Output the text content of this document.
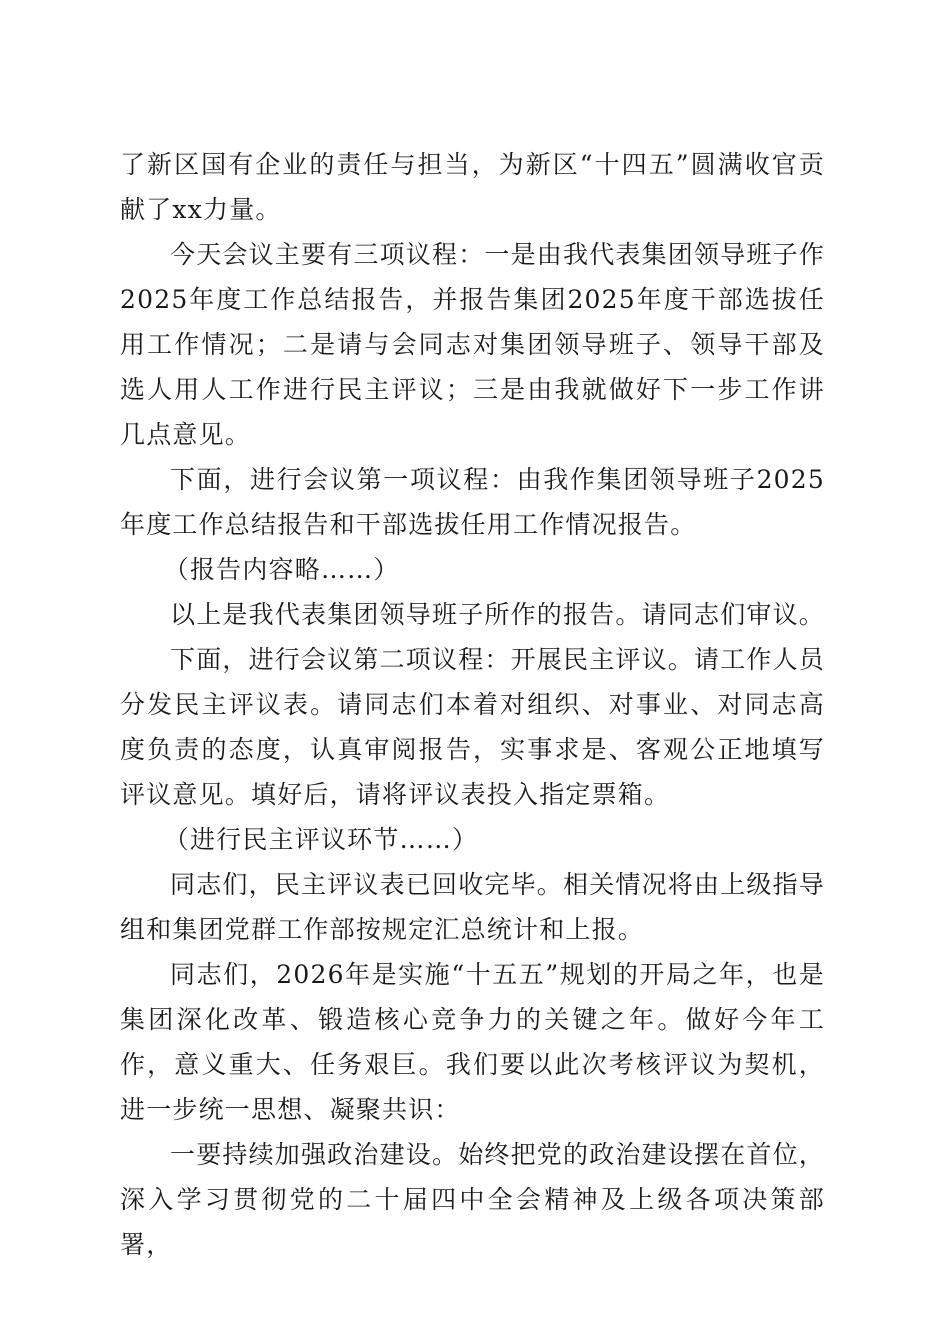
了新区国有企业的责任与担当，为新区“十四五”圆满收官贡献了xx力量。

今天会议主要有三项议程：一是由我代表集团领导班子作2025年度工作总结报告，并报告集团2025年度干部选拔任用工作情况；二是请与会同志对集团领导班子、领导干部及选人用人工作进行民主评议；三是由我就做好下一步工作讲几点意见。

下面，进行会议第一项议程：由我作集团领导班子2025年度工作总结报告和干部选拔任用工作情况报告。

（报告内容略……）

以上是我代表集团领导班子所作的报告。请同志们审议。

下面，进行会议第二项议程：开展民主评议。请工作人员分发民主评议表。请同志们本着对组织、对事业、对同志高度负责的态度，认真审阅报告，实事求是、客观公正地填写评议意见。填好后，请将评议表投入指定票箱。

（进行民主评议环节……）

同志们，民主评议表已回收完毕。相关情况将由上级指导组和集团党群工作部按规定汇总统计和上报。

同志们，2026年是实施“十五五”规划的开局之年，也是集团深化改革、锻造核心竞争力的关键之年。做好今年工作，意义重大、任务艰巨。我们要以此次考核评议为契机，进一步统一思想、凝聚共识：

一要持续加强政治建设。始终把党的政治建设摆在首位，深入学习贯彻党的二十届四中全会精神及上级各项决策部署，
